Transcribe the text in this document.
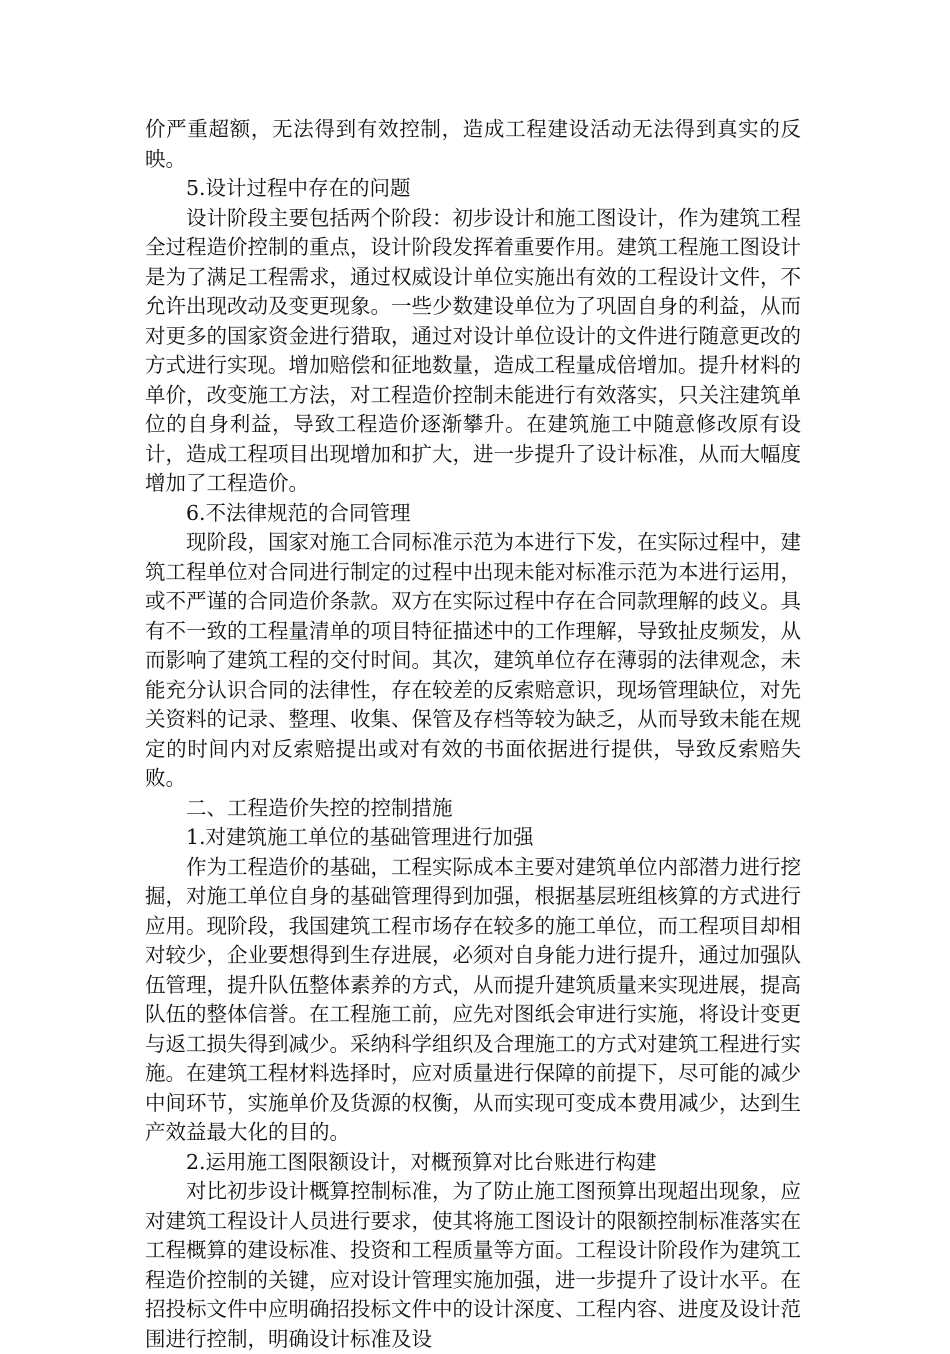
价严重超额，无法得到有效控制，造成工程建设活动无法得到真实的反映。

5.设计过程中存在的问题

设计阶段主要包括两个阶段：初步设计和施工图设计，作为建筑工程全过程造价控制的重点，设计阶段发挥着重要作用。建筑工程施工图设计是为了满足工程需求，通过权威设计单位实施出有效的工程设计文件，不允许出现改动及变更现象。一些少数建设单位为了巩固自身的利益，从而对更多的国家资金进行猎取，通过对设计单位设计的文件进行随意更改的方式进行实现。增加赔偿和征地数量，造成工程量成倍增加。提升材料的单价，改变施工方法，对工程造价控制未能进行有效落实，只关注建筑单位的自身利益，导致工程造价逐渐攀升。在建筑施工中随意修改原有设计，造成工程项目出现增加和扩大，进一步提升了设计标准，从而大幅度增加了工程造价。

6.不法律规范的合同管理

现阶段，国家对施工合同标准示范为本进行下发，在实际过程中，建筑工程单位对合同进行制定的过程中出现未能对标准示范为本进行运用，或不严谨的合同造价条款。双方在实际过程中存在合同款理解的歧义。具有不一致的工程量清单的项目特征描述中的工作理解，导致扯皮频发，从而影响了建筑工程的交付时间。其次，建筑单位存在薄弱的法律观念，未能充分认识合同的法律性，存在较差的反索赔意识，现场管理缺位，对先关资料的记录、整理、收集、保管及存档等较为缺乏，从而导致未能在规定的时间内对反索赔提出或对有效的书面依据进行提供，导致反索赔失败。

二、工程造价失控的控制措施

1.对建筑施工单位的基础管理进行加强

作为工程造价的基础，工程实际成本主要对建筑单位内部潜力进行挖掘，对施工单位自身的基础管理得到加强，根据基层班组核算的方式进行应用。现阶段，我国建筑工程市场存在较多的施工单位，而工程项目却相对较少，企业要想得到生存进展，必须对自身能力进行提升，通过加强队伍管理，提升队伍整体素养的方式，从而提升建筑质量来实现进展，提高队伍的整体信誉。在工程施工前，应先对图纸会审进行实施，将设计变更与返工损失得到减少。采纳科学组织及合理施工的方式对建筑工程进行实施。在建筑工程材料选择时，应对质量进行保障的前提下，尽可能的减少中间环节，实施单价及货源的权衡，从而实现可变成本费用减少，达到生产效益最大化的目的。

2.运用施工图限额设计，对概预算对比台账进行构建

对比初步设计概算控制标准，为了防止施工图预算出现超出现象，应对建筑工程设计人员进行要求，使其将施工图设计的限额控制标准落实在工程概算的建设标准、投资和工程质量等方面。工程设计阶段作为建筑工程造价控制的关键，应对设计管理实施加强，进一步提升了设计水平。在招投标文件中应明确招投标文件中的设计深度、工程内容、进度及设计范围进行控制，明确设计标准及设
